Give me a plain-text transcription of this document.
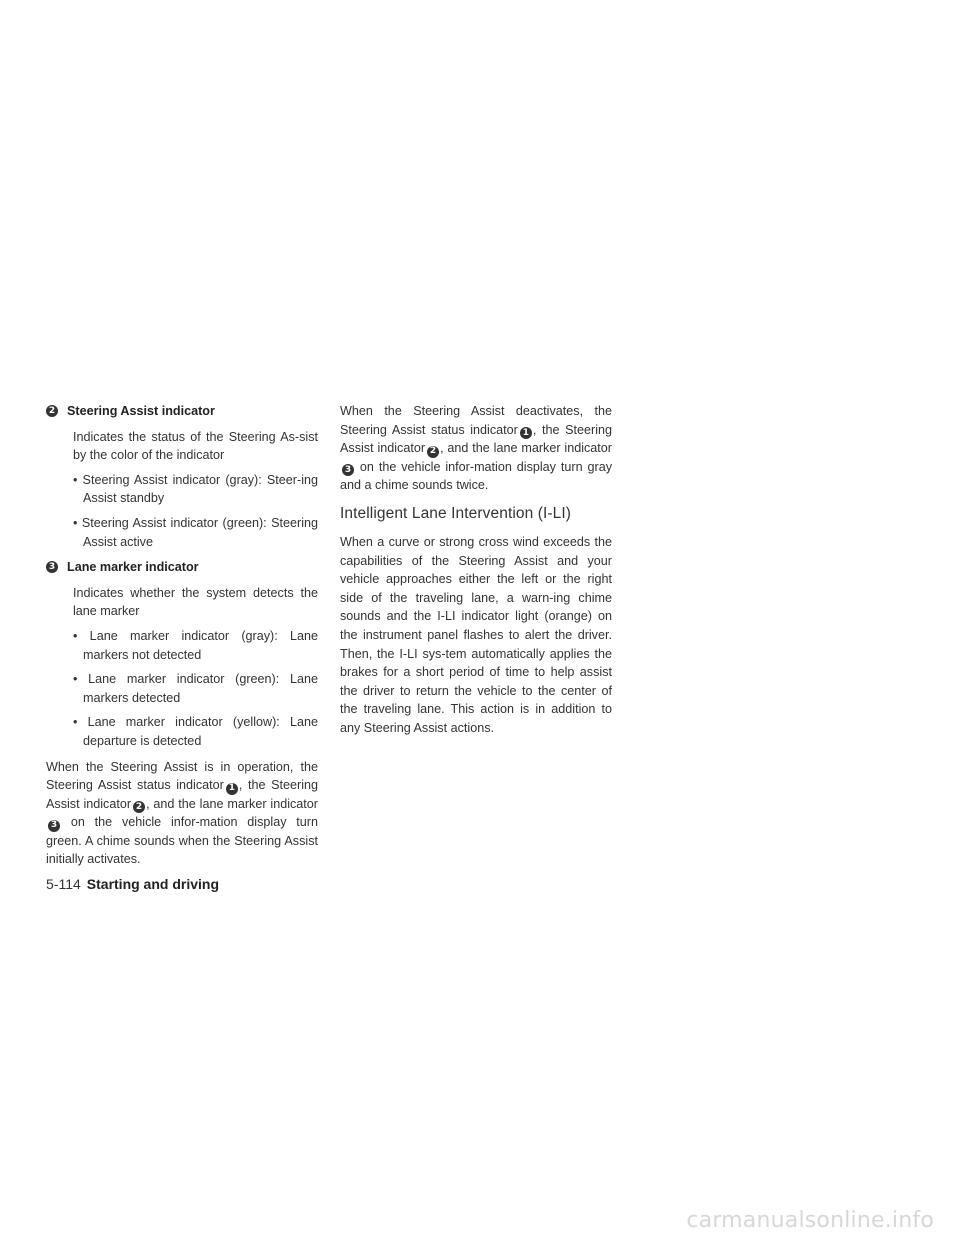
2 Steering Assist indicator

Indicates the status of the Steering As-sist by the color of the indicator

• Steering Assist indicator (gray): Steer-ing Assist standby

• Steering Assist indicator (green): Steering Assist active

3 Lane marker indicator

Indicates whether the system detects the lane marker

• Lane marker indicator (gray): Lane markers not detected

• Lane marker indicator (green): Lane markers detected

• Lane marker indicator (yellow): Lane departure is detected

When the Steering Assist is in operation, the Steering Assist status indicator 1 , the Steering Assist indicator 2 , and the lane marker indicator 3 on the vehicle infor-mation display turn green. A chime sounds when the Steering Assist initially activates.

When the Steering Assist deactivates, the Steering Assist status indicator 1 , the Steering Assist indicator 2 , and the lane marker indicator 3 on the vehicle infor-mation display turn gray and a chime sounds twice.

Intelligent Lane Intervention (I-LI)

When a curve or strong cross wind exceeds the capabilities of the Steering Assist and your vehicle approaches either the left or the right side of the traveling lane, a warn-ing chime sounds and the I-LI indicator light (orange) on the instrument panel flashes to alert the driver. Then, the I-LI sys-tem automatically applies the brakes for a short period of time to help assist the driver to return the vehicle to the center of the traveling lane. This action is in addition to any Steering Assist actions.

5-114 Starting and driving
carmanualsonline.info
